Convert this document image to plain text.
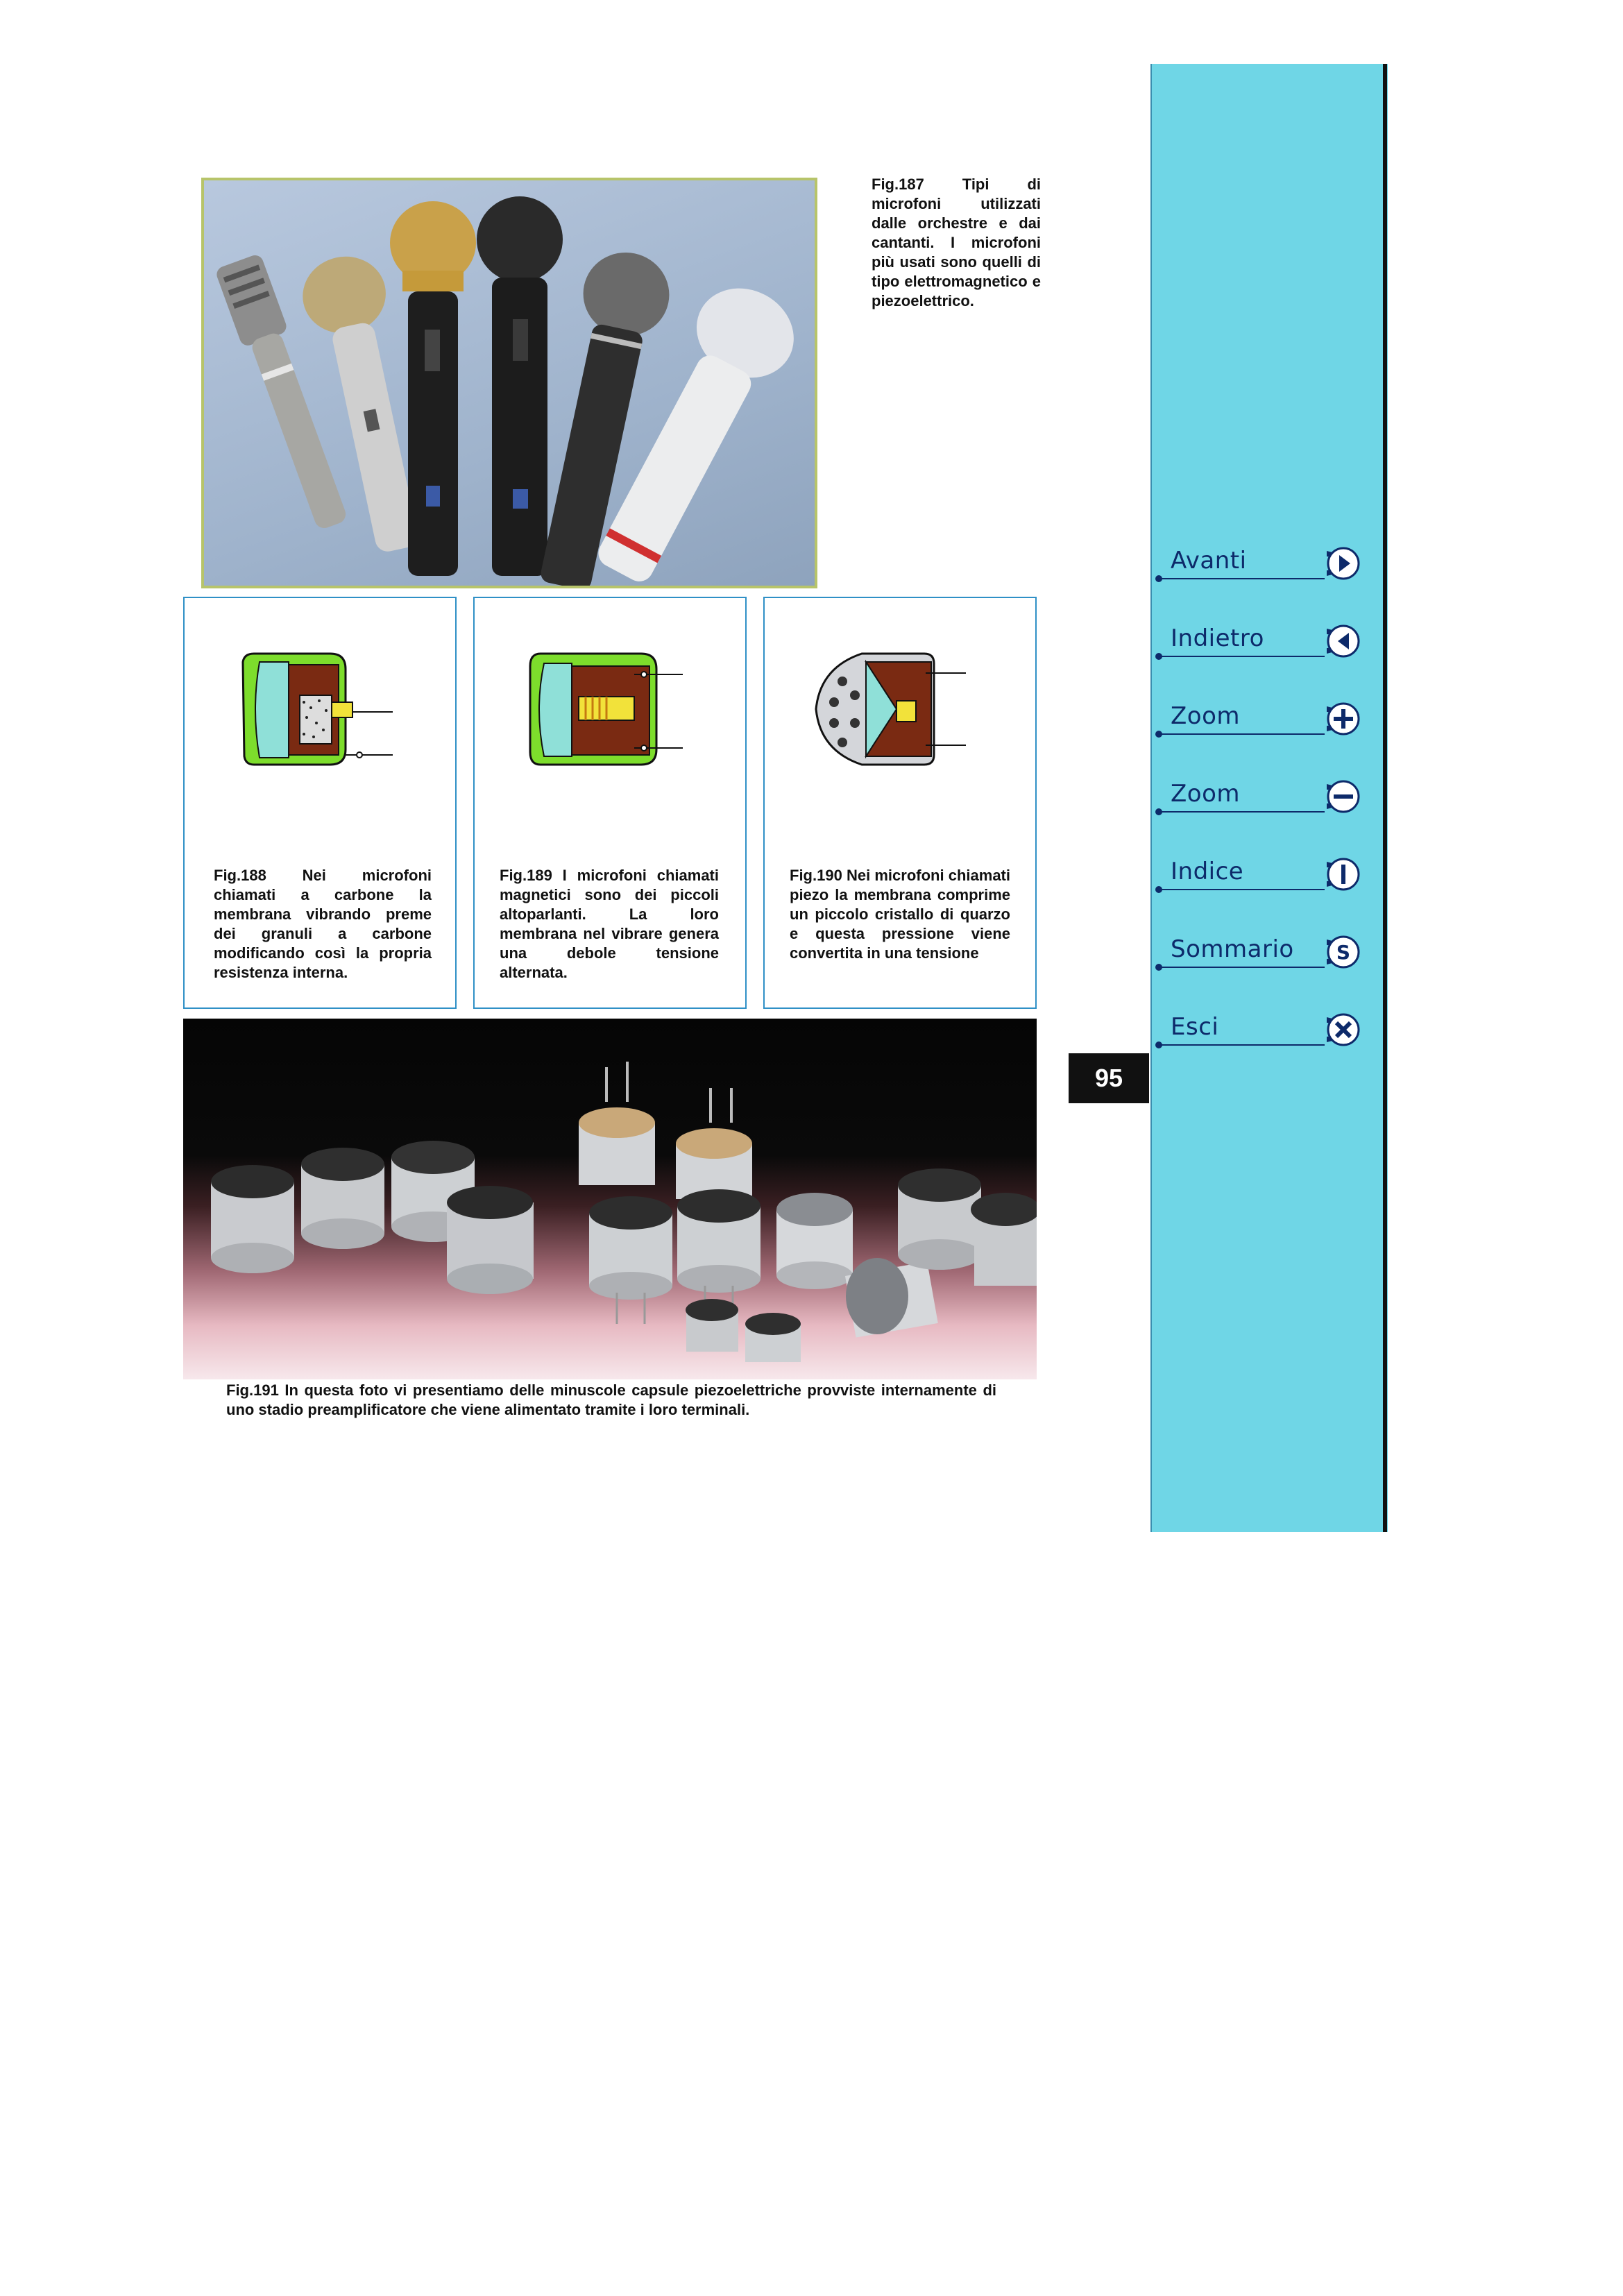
Fig.187 Tipi di microfoni utilizzati dalle orchestre e dai cantanti. I microfoni più usati sono quelli di tipo elettromagnetico e piezoelettrico.

Fig.188 Nei microfoni chiamati a carbone la membrana vibrando preme dei granuli a carbone modificando così la propria resistenza interna.

Fig.189 I microfoni chiamati magnetici sono dei piccoli altoparlanti. La loro membrana nel vibrare genera una debole tensione alternata.

Fig.190 Nei microfoni chiamati piezo la membrana comprime un piccolo cristallo di quarzo e questa pressione viene convertita in una tensione

Fig.191 In questa foto vi presentiamo delle minuscole capsule piezoelettriche provviste internamente di uno stadio preamplificatore che viene alimentato tramite i loro terminali.

Avanti
Indietro
Zoom
Zoom
Indice
Sommario S
Esci
95
